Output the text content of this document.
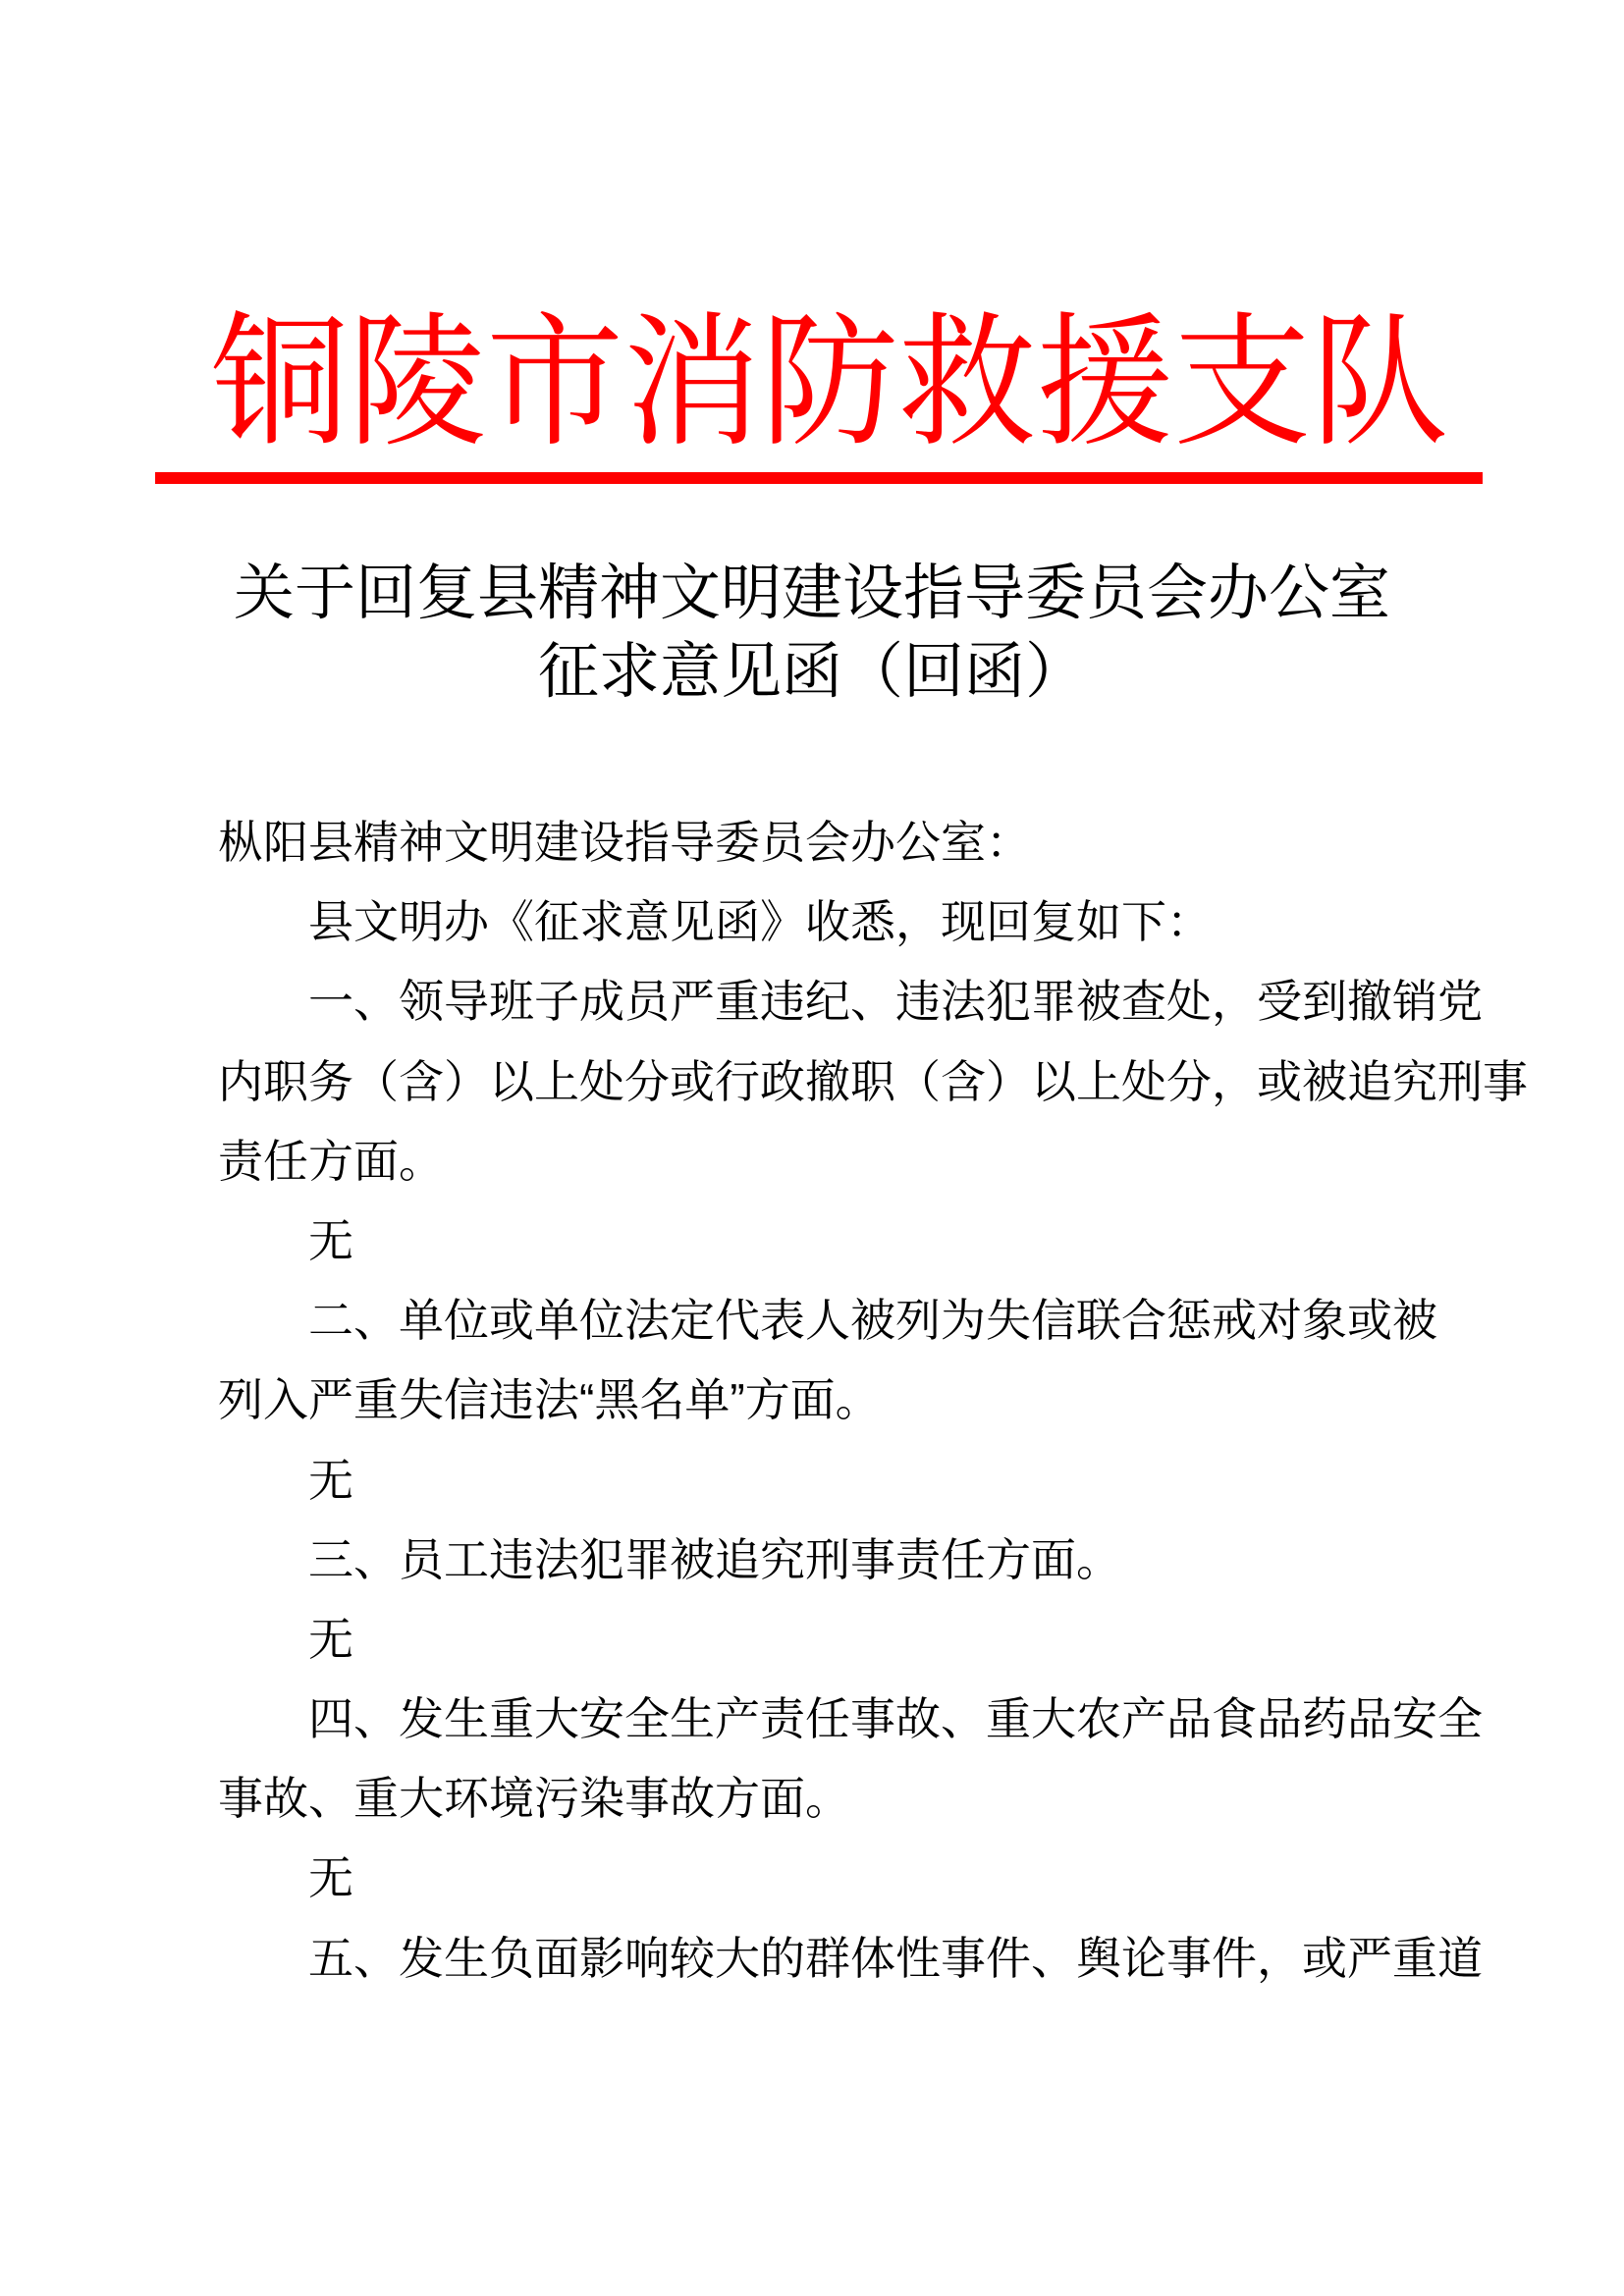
铜 陵 市 消 防 救 援 支 队
关于回复县精神文明建设指导委员会办公室
征求意见函（回函）
枞阳县精神文明建设指导委员会办公室：
县文明办《征求意见函》收悉，现回复如下：
一、领导班子成员严重违纪、违法犯罪被查处，受到撤销党
内职务（含）以上处分或行政撤职（含）以上处分，或被追究刑事
责任方面。
无
二、单位或单位法定代表人被列为失信联合惩戒对象或被
列入严重失信违法“黑名单”方面。
无
三、员工违法犯罪被追究刑事责任方面。
无
四、发生重大安全生产责任事故、重大农产品食品药品安全
事故、重大环境污染事故方面。
无
五、发生负面影响较大的群体性事件、舆论事件，或严重道
